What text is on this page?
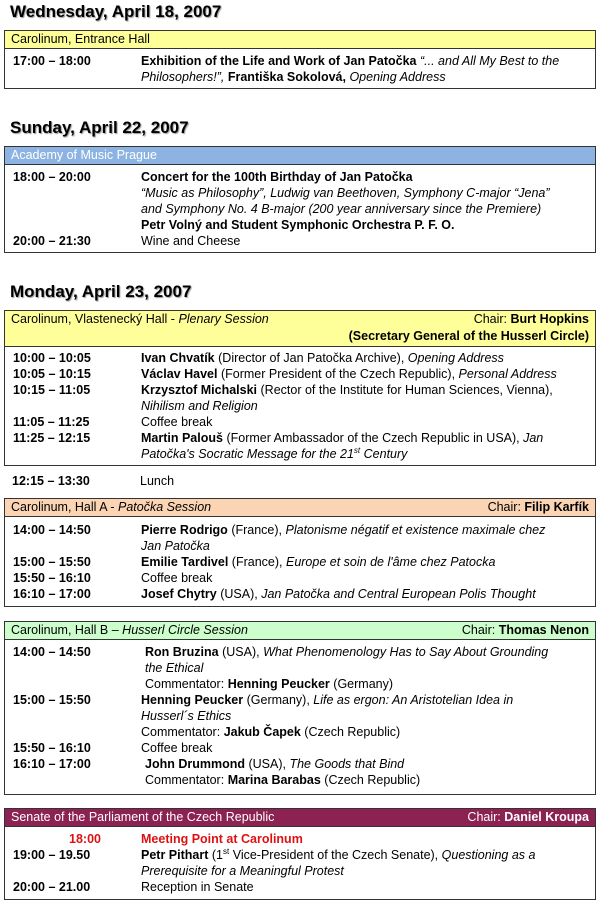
Wednesday, April 18, 2007
Carolinum, Entrance Hall
17:00 – 18:00	Exhibition of the Life and Work of Jan Patočka “... and All My Best to the
Philosophers!”, Františka Sokolová, Opening Address
Sunday, April 22, 2007
Academy of Music Prague
18:00 – 20:00	Concert for the 100th Birthday of Jan Patočka
“Music as Philosophy”, Ludwig van Beethoven, Symphony C-major “Jena”
and Symphony No. 4 B-major (200 year anniversary since the Premiere)
Petr Volný and Student Symphonic Orchestra P. F. O.
20:00 – 21:30	Wine and Cheese
Monday, April 23, 2007
Carolinum, Vlastenecký Hall - Plenary Session	Chair: Burt Hopkins
(Secretary General of the Husserl Circle)
10:00 – 10:05	Ivan Chvatík (Director of Jan Patočka Archive), Opening Address
10:05 – 10:15	Václav Havel (Former President of the Czech Republic), Personal Address
10:15 – 11:05	Krzysztof Michalski (Rector of the Institute for Human Sciences, Vienna),
Nihilism and Religion
11:05 – 11:25	Coffee break
11:25 – 12:15	Martin Palouš (Former Ambassador of the Czech Republic in USA), Jan
Patočka's Socratic Message for the 21st Century
12:15 – 13:30	Lunch
Carolinum, Hall A - Patočka Session	Chair: Filip Karfík
14:00 – 14:50	Pierre Rodrigo (France), Platonisme négatif et existence maximale chez
Jan Patočka
15:00 – 15:50	Emilie Tardivel (France), Europe et soin de l'âme chez Patocka
15:50 – 16:10	Coffee break
16:10 – 17:00	Josef Chytry (USA), Jan Patočka and Central European Polis Thought
Carolinum, Hall B – Husserl Circle Session	Chair: Thomas Nenon
14:00 – 14:50	Ron Bruzina (USA), What Phenomenology Has to Say About Grounding
the Ethical
Commentator: Henning Peucker (Germany)
15:00 – 15:50	Henning Peucker (Germany), Life as ergon: An Aristotelian Idea in
Husserl´s Ethics
Commentator: Jakub Čapek (Czech Republic)
15:50 – 16:10	Coffee break
16:10 – 17:00	John Drummond (USA), The Goods that Bind
Commentator: Marina Barabas (Czech Republic)
Senate of the Parliament of the Czech Republic	Chair: Daniel Kroupa
18:00	Meeting Point at Carolinum
19:00 – 19.50	Petr Pithart (1st Vice-President of the Czech Senate), Questioning as a
Prerequisite for a Meaningful Protest
20:00 – 21.00	Reception in Senate
